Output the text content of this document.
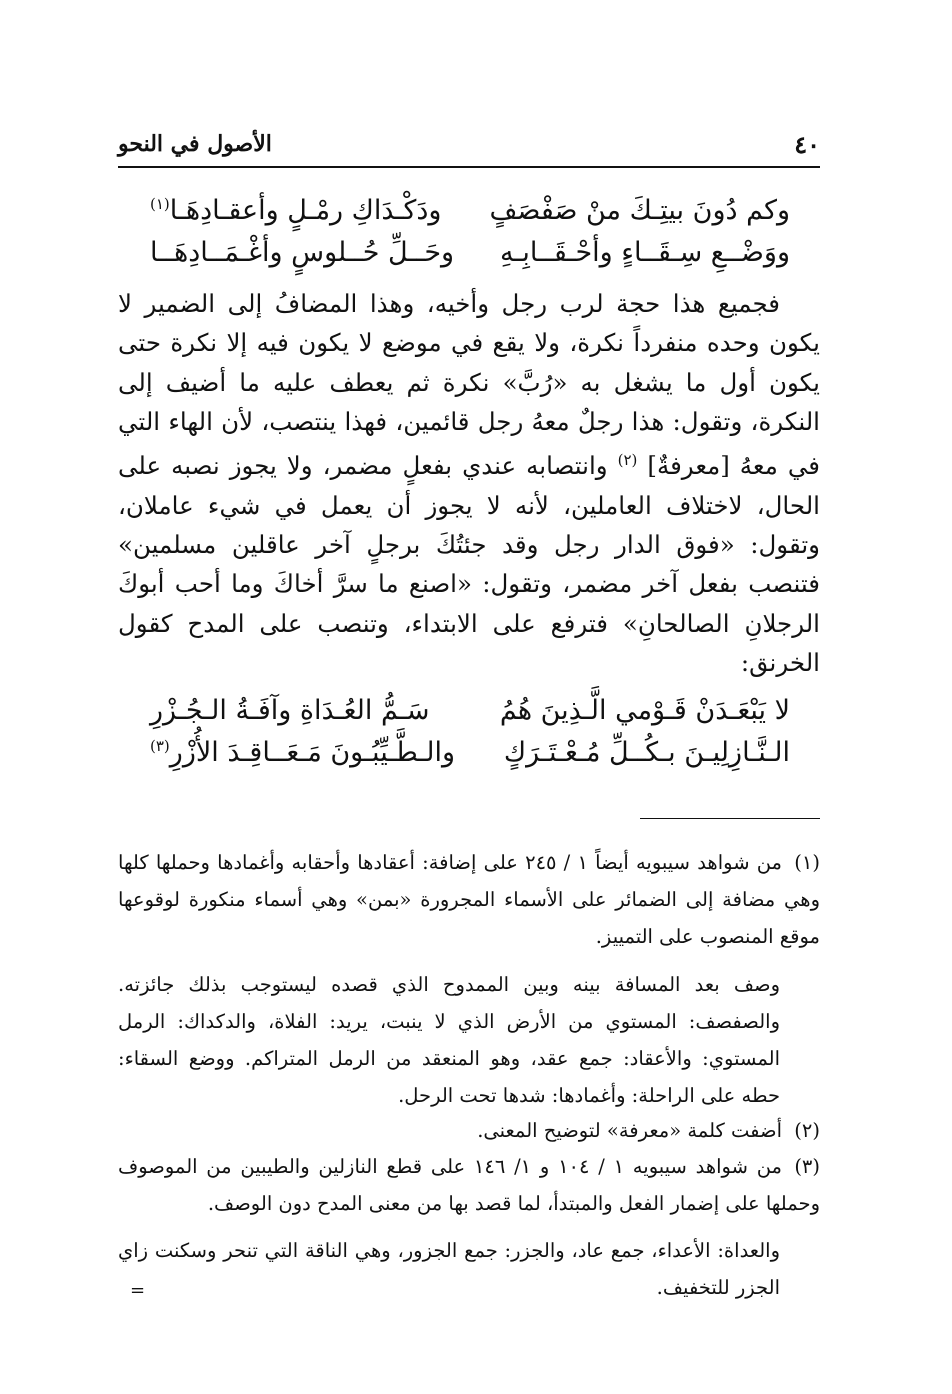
٤٠
الأصول في النحو
وكم دُونَ بيتِـكَ منْ صَفْصَفٍ
ودَكْـدَاكِ رمْـلٍ وأعقـادِهَـا$^{(١)}$
ووَضْــعِ سِـقَــاءٍ وأحْـقَــابِـهِ
وحَــلِّ حُــلوسٍ وأغْـمَــادِهَــا

فجميع هذا حجة لرب رجل وأخيه، وهذا المضافُ إلى الضمير لا يكون وحده منفرداً نكرة، ولا يقع في موضع لا يكون فيه إلا نكرة حتى يكون أول ما يشغل به «رُبَّ» نكرة ثم يعطف عليه ما أضيف إلى النكرة، وتقول: هذا رجلٌ معهُ رجل قائمين، فهذا ينتصب، لأن الهاء التي في معهُ [معرفةٌ] $^{(٢)}$ وانتصابه عندي بفعلٍ مضمر، ولا يجوز نصبه على الحال، لاختلاف العاملين، لأنه لا يجوز أن يعمل في شيء عاملان، وتقول: «فوق الدار رجل وقد جئتُكَ برجلٍ آخر عاقلين مسلمين» فتنصب بفعل آخر مضمر، وتقول: «اصنع ما سرَّ أخاكَ وما أحب أبوكَ الرجلانِ الصالحانِ» فترفع على الابتداء، وتنصب على المدح كقول الخرنق:

لا يَبْعَـدَنْ قَـوْمي الَّـذِينَ هُمُ
سَـمُّ العُـدَاةِ وآفَـةُ الـجُـزْرِ
الـنَّـازِلِيـنَ بـكُــلِّ مُـعْـتَـرَكٍ
والـطَّـيِّبُـونَ مَـعَــاقِـدَ الأُزْرِ$^{(٣)}$
(١)من شواهد سيبويه أيضاً ١ / ٢٤٥ على إضافة: أعقادها وأحقابه وأغمادها وحملها كلها وهي مضافة إلى الضمائر على الأسماء المجرورة «بمن» وهي أسماء منكورة لوقوعها موقع المنصوب على التمييز.
وصف بعد المسافة بينه وبين الممدوح الذي قصده ليستوجب بذلك جائزته. والصفصف: المستوي من الأرض الذي لا ينبت، يريد: الفلاة، والدكداك: الرمل المستوي: والأعقاد: جمع عقد، وهو المنعقد من الرمل المتراكم. ووضع السقاء: حطه على الراحلة: وأغمادها: شدها تحت الرحل.
(٢)أضفت كلمة «معرفة» لتوضيح المعنى.
(٣)من شواهد سيبويه ١ / ١٠٤ و ١/ ١٤٦ على قطع النازلين والطيبين من الموصوف وحملها على إضمار الفعل والمبتدأ، لما قصد بها من معنى المدح دون الوصف.
والعداة: الأعداء، جمع عاد، والجزر: جمع الجزور، وهي الناقة التي تنحر وسكنت زاي الجزر للتخفيف.
=
